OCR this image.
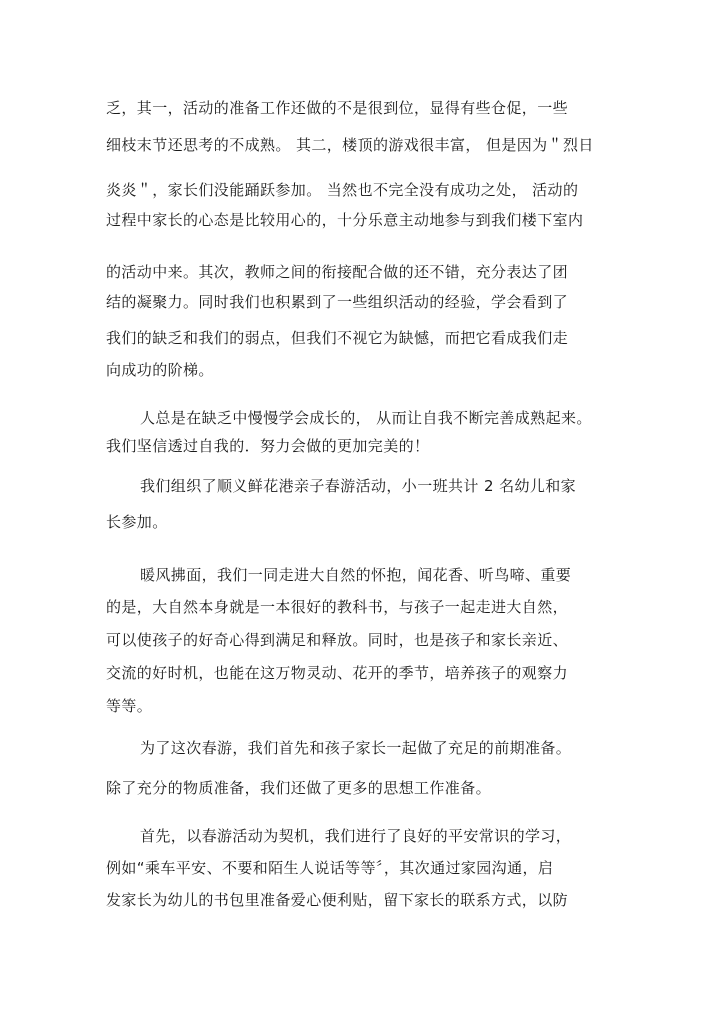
乏，其一，活动的准备工作还做的不是很到位，显得有些仓促，一些
细枝末节还思考的不成熟。 其二，楼顶的游戏很丰富， 但是因为＂烈日
炎炎＂，家长们没能踊跃参加。 当然也不完全没有成功之处， 活动的
过程中家长的心态是比较用心的，十分乐意主动地参与到我们楼下室内
的活动中来。其次，教师之间的衔接配合做的还不错，充分表达了团
结的凝聚力。同时我们也积累到了一些组织活动的经验，学会看到了
我们的缺乏和我们的弱点，但我们不视它为缺憾，而把它看成我们走
向成功的阶梯。
人总是在缺乏中慢慢学会成长的， 从而让自我不断完善成熟起来。
我们坚信透过自我的．努力会做的更加完美的！
我们组织了顺义鲜花港亲子春游活动，小一班共计 2 名幼儿和家
长参加。
暖风拂面，我们一同走进大自然的怀抱，闻花香、听鸟啼、重要
的是，大自然本身就是一本很好的教科书，与孩子一起走进大自然，
可以使孩子的好奇心得到满足和释放。同时，也是孩子和家长亲近、
交流的好时机，也能在这万物灵动、花开的季节，培养孩子的观察力
等等。
为了这次春游，我们首先和孩子家长一起做了充足的前期准备。
除了充分的物质准备，我们还做了更多的思想工作准备。
首先，以春游活动为契机，我们进行了良好的平安常识的学习，
例如“乘车平安、不要和陌生人说话等等〞，其次通过家园沟通，启
发家长为幼儿的书包里准备爱心便利贴，留下家长的联系方式，以防
